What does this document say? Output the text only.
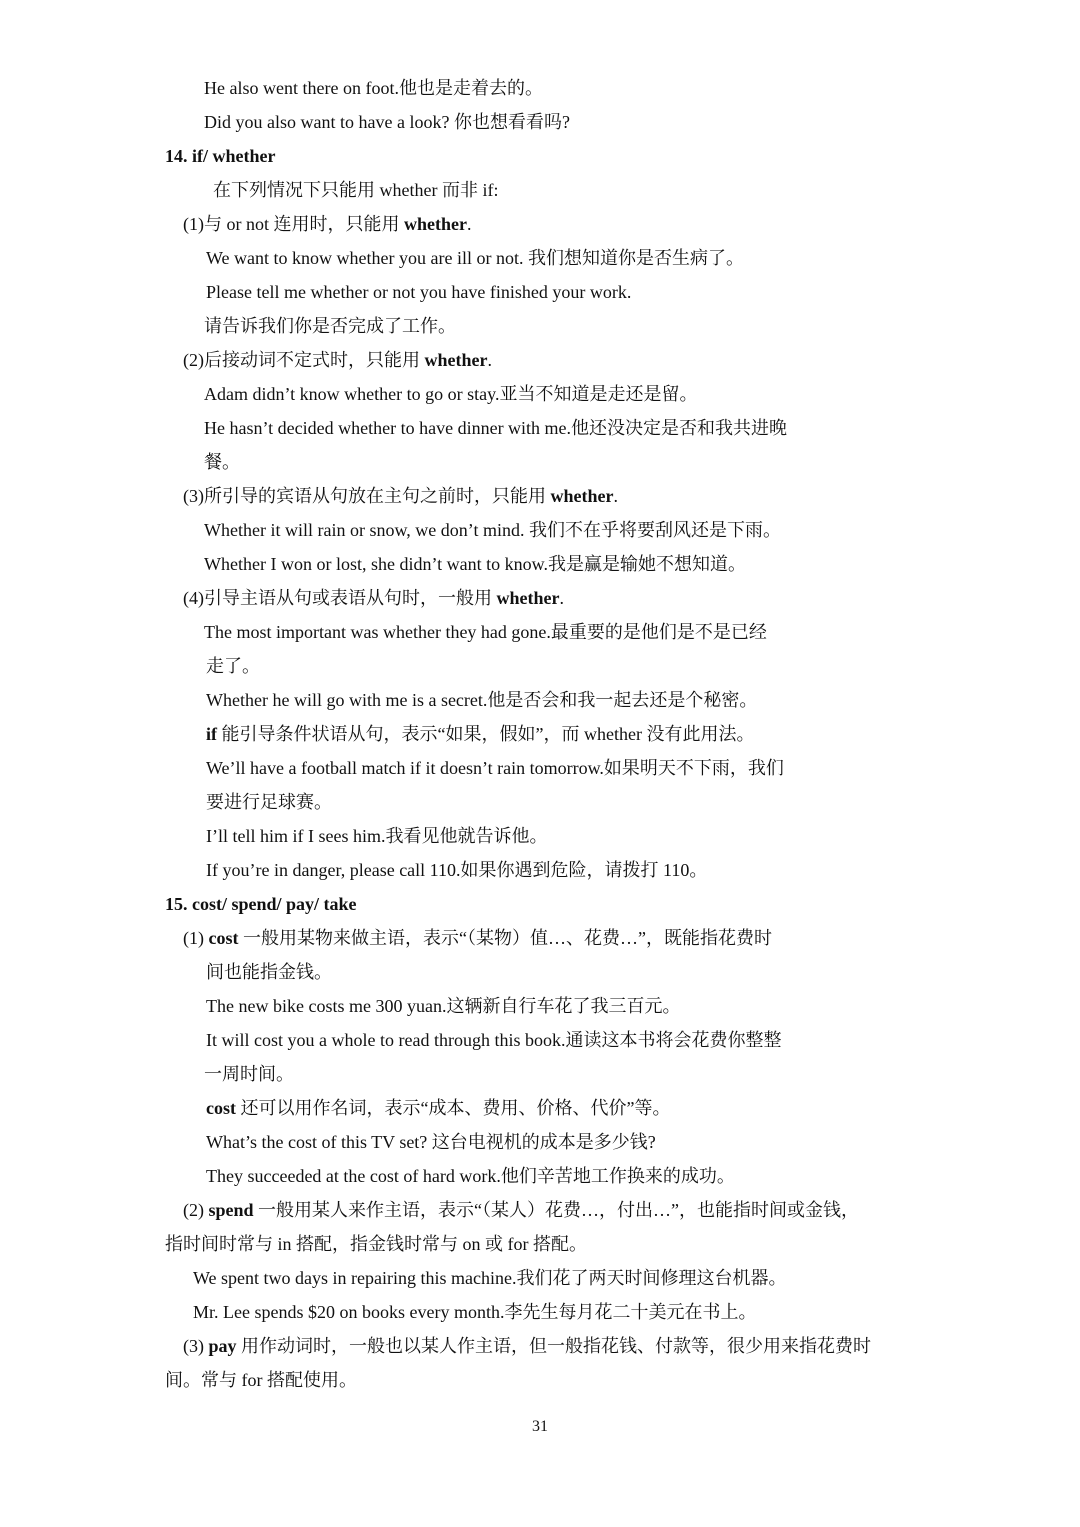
He also went there on foot.他也是走着去的。
Did you also want to have a look? 你也想看看吗?
14. if/ whether
在下列情况下只能用 whether 而非 if:
(1)与 or not 连用时，只能用 whether.
We want to know whether you are ill or not. 我们想知道你是否生病了。
Please tell me whether or not you have finished your work.
请告诉我们你是否完成了工作。
(2)后接动词不定式时，只能用 whether.
Adam didn’t know whether to go or stay.亚当不知道是走还是留。
He hasn’t decided whether to have dinner with me.他还没决定是否和我共进晚
餐。
(3)所引导的宾语从句放在主句之前时，只能用 whether.
Whether it will rain or snow, we don’t mind. 我们不在乎将要刮风还是下雨。
Whether I won or lost, she didn’t want to know.我是赢是输她不想知道。
(4)引导主语从句或表语从句时，一般用 whether.
The most important was whether they had gone.最重要的是他们是不是已经
走了。
Whether he will go with me is a secret.他是否会和我一起去还是个秘密。
if 能引导条件状语从句，表示“如果，假如”，而 whether 没有此用法。
We’ll have a football match if it doesn’t rain tomorrow.如果明天不下雨，我们
要进行足球赛。
I’ll tell him if I sees him.我看见他就告诉他。
If you’re in danger, please call 110.如果你遇到危险，请拨打 110。
15. cost/ spend/ pay/ take
(1) cost 一般用某物来做主语，表示“（某物）值…、花费…”，既能指花费时
间也能指金钱。
The new bike costs me 300 yuan.这辆新自行车花了我三百元。
It will cost you a whole to read through this book.通读这本书将会花费你整整
一周时间。
cost 还可以用作名词，表示“成本、费用、价格、代价”等。
What’s the cost of this TV set? 这台电视机的成本是多少钱?
They succeeded at the cost of hard work.他们辛苦地工作换来的成功。
(2) spend 一般用某人来作主语，表示“（某人）花费…，付出…”，也能指时间或金钱，
指时间时常与 in 搭配，指金钱时常与 on 或 for 搭配。
We spent two days in repairing this machine.我们花了两天时间修理这台机器。
Mr. Lee spends $20 on books every month.李先生每月花二十美元在书上。
(3) pay 用作动词时，一般也以某人作主语，但一般指花钱、付款等，很少用来指花费时
间。常与 for 搭配使用。
31
